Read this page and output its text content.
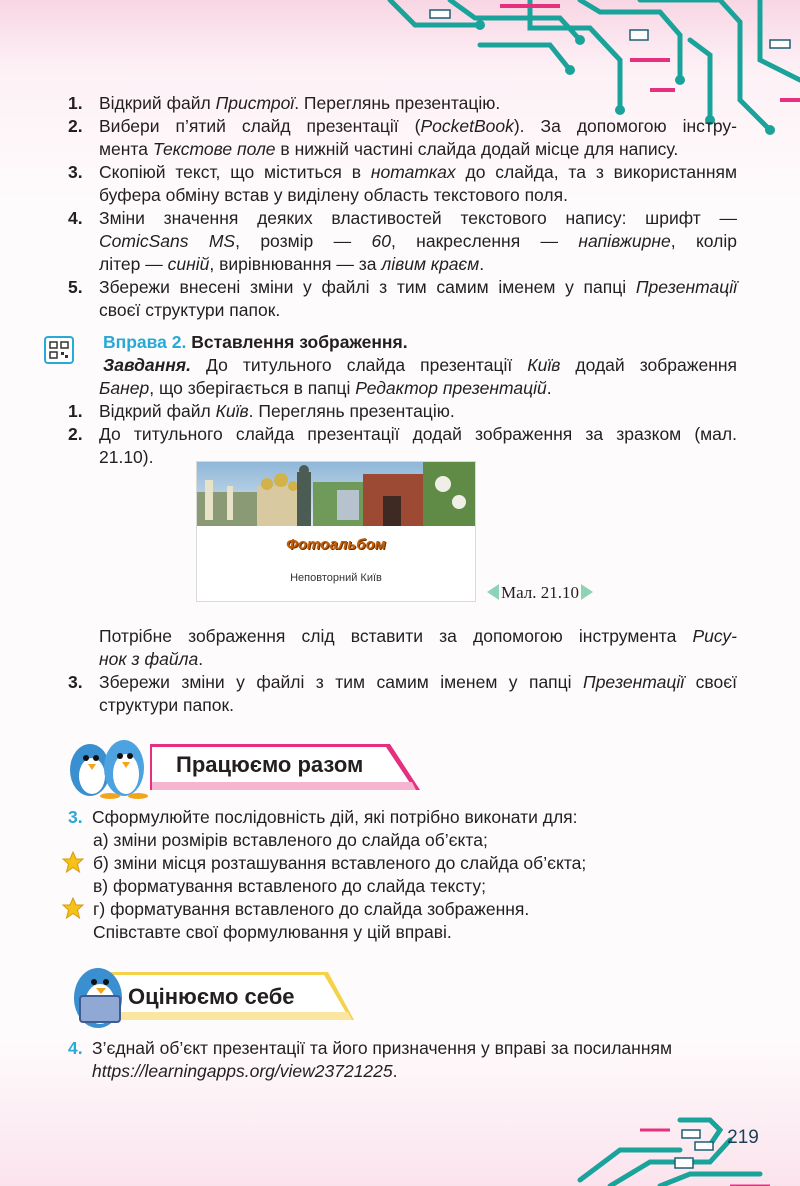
1. Відкрий файл Пристрої. Переглянь презентацію.
2. Вибери п’ятий слайд презентації (PocketBook). За допомогою інстру-
мента Текстове поле в нижній частині слайда додай місце для напису.
3. Скопіюй текст, що міститься в нотатках до слайда, та з використанням
буфера обміну встав у виділену область текстового поля.
4. Зміни значення деяких властивостей текстового напису: шрифт —
ComicSans MS, розмір — 60, накреслення — напівжирне, колір
літер — синій, вирівнювання — за лівим краєм.
5. Збережи внесені зміни у файлі з тим самим іменем у папці Презентації
своєї структури папок.
Вправа 2. Вставлення зображення.
Завдання. До титульного слайда презентації Київ додай зображення
Банер, що зберігається в папці Редактор презентацій.
1. Відкрий файл Київ. Переглянь презентацію.
2. До титульного слайда презентації додай зображення за зразком (мал.
21.10).
Фотоальбом
Неповторний Київ
Мал. 21.10
Потрібне зображення слід вставити за допомогою інструмента Рису-
нок з файла.
3. Збережи зміни у файлі з тим самим іменем у папці Презентації своєї
структури папок.
Працюємо разом
3. Сформулюйте послідовність дій, які потрібно виконати для:
а) зміни розмірів вставленого до слайда об’єкта;
б) зміни місця розташування вставленого до слайда об’єкта;
в) форматування вставленого до слайда тексту;
г) форматування вставленого до слайда зображення.
Співставте свої формулювання у цій вправі.
Оцінюємо себе
4. З’єднай об’єкт презентації та його призначення у вправі за посиланням
https://learningapps.org/view23721225.
219
